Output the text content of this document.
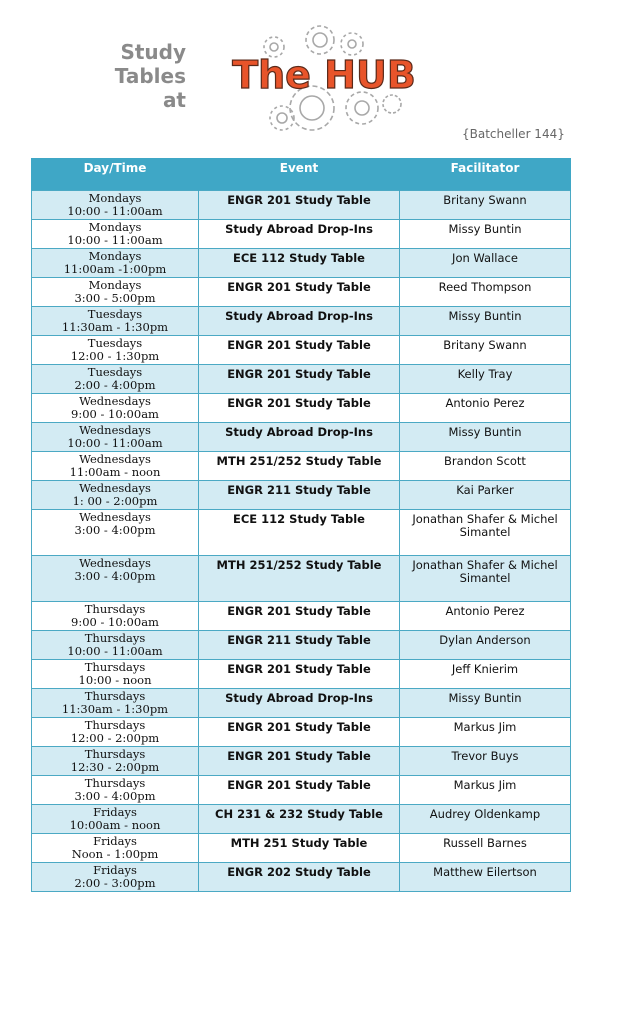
Study
Tables
at
The HUB
{Batcheller 144}
Day/Time	Event	Facilitator

Mondays
10:00 - 11:00am	ENGR 201 Study Table	Britany Swann

Mondays
10:00 - 11:00am	Study Abroad Drop-Ins	Missy Buntin

Mondays
11:00am -1:00pm	ECE 112 Study Table	Jon Wallace

Mondays
3:00 - 5:00pm	ENGR 201 Study Table	Reed Thompson

Tuesdays
11:30am - 1:30pm	Study Abroad Drop-Ins	Missy Buntin

Tuesdays
12:00 - 1:30pm	ENGR 201 Study Table	Britany Swann

Tuesdays
2:00 - 4:00pm	ENGR 201 Study Table	Kelly Tray

Wednesdays
9:00 - 10:00am	ENGR 201 Study Table	Antonio Perez

Wednesdays
10:00 - 11:00am	Study Abroad Drop-Ins	Missy Buntin

Wednesdays
11:00am - noon	MTH 251/252 Study Table	Brandon Scott

Wednesdays
1: 00 - 2:00pm	ENGR 211 Study Table	Kai Parker

Wednesdays
3:00 - 4:00pm	ECE 112 Study Table	Jonathan Shafer & Michel Simantel

Wednesdays
3:00 - 4:00pm	MTH 251/252 Study Table	Jonathan Shafer & Michel Simantel

Thursdays
9:00 - 10:00am	ENGR 201 Study Table	Antonio Perez

Thursdays
10:00 - 11:00am	ENGR 211 Study Table	Dylan Anderson

Thursdays
10:00 - noon	ENGR 201 Study Table	Jeff Knierim

Thursdays
11:30am - 1:30pm	Study Abroad Drop-Ins	Missy Buntin

Thursdays
12:00 - 2:00pm	ENGR 201 Study Table	Markus Jim

Thursdays
12:30 - 2:00pm	ENGR 201 Study Table	Trevor Buys

Thursdays
3:00 - 4:00pm	ENGR 201 Study Table	Markus Jim

Fridays
10:00am - noon	CH 231 & 232 Study Table	Audrey Oldenkamp

Fridays
Noon - 1:00pm	MTH 251 Study Table	Russell Barnes

Fridays
2:00 - 3:00pm	ENGR 202 Study Table	Matthew Eilertson
